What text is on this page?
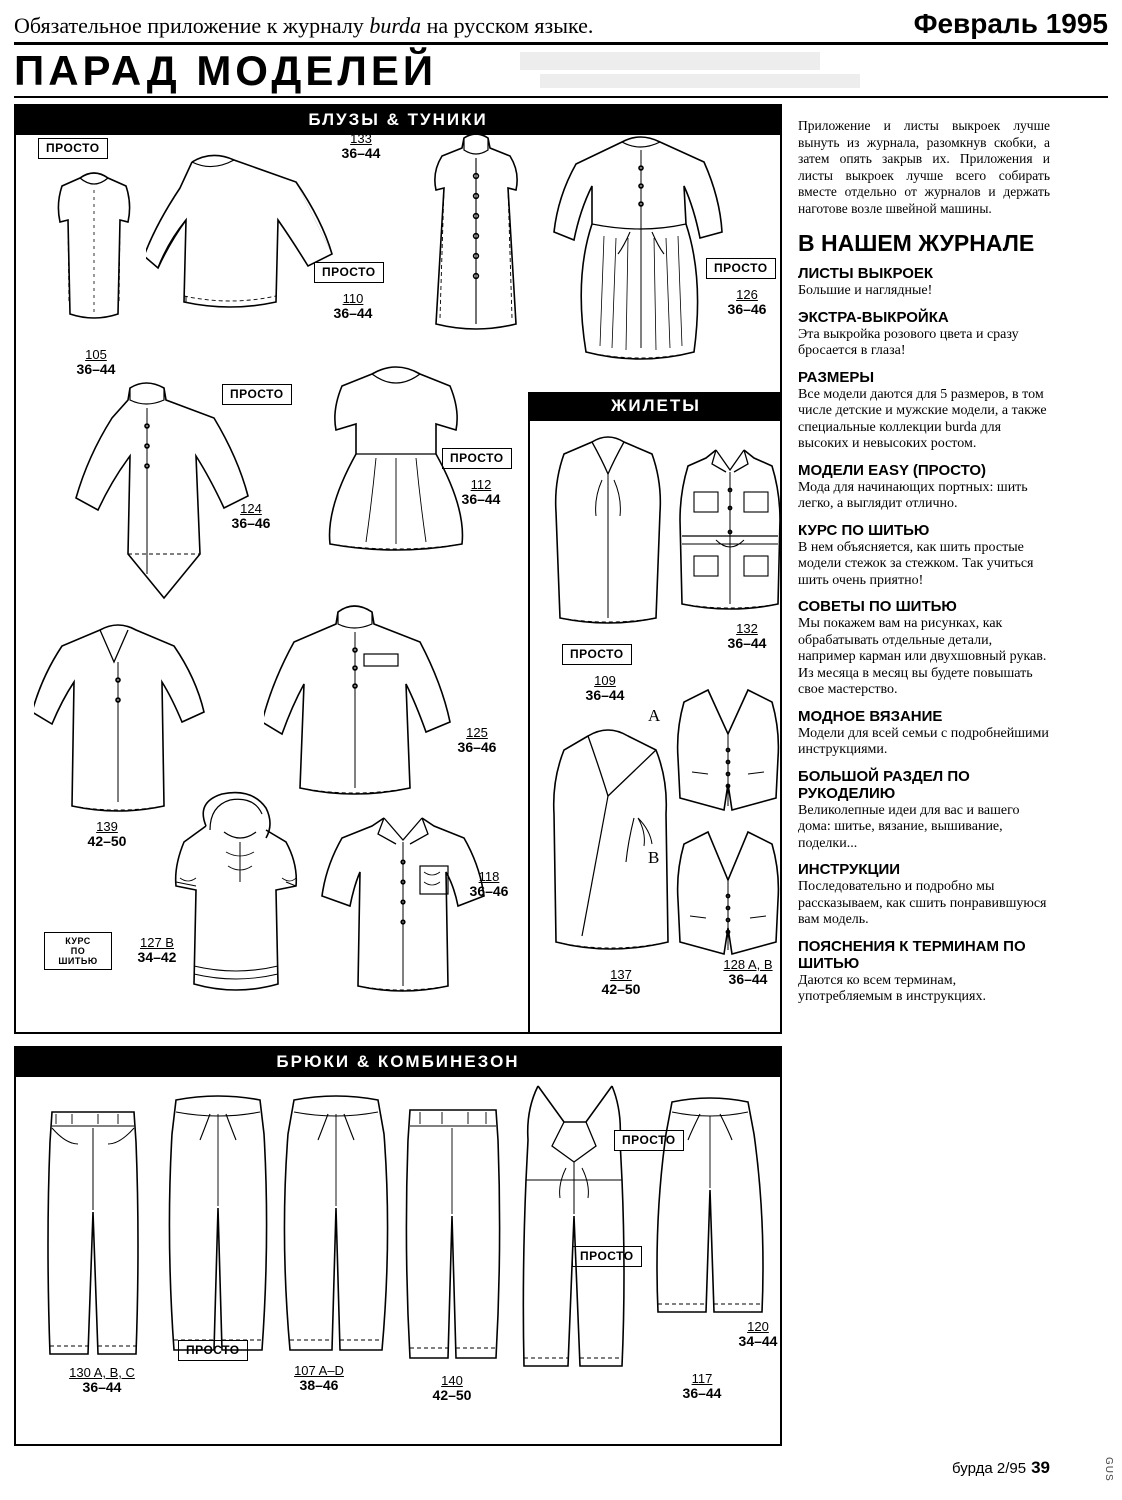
Обязательное приложение к журналу burda на русском языке.	Февраль 1995
ПАРАД МОДЕЛЕЙ
БЛУЗЫ & ТУНИКИ
ПРОСТО
105
36–44
133
36–44
ПРОСТО
110
36–44
ПРОСТО
126
36–46
ПРОСТО
124
36–46
ПРОСТО
112
36–44
139
42–50
125
36–46
118
36–46
КУРС
ПО
ШИТЬЮ
127 B
34–42
ЖИЛЕТЫ
ПРОСТО
109
36–44
132
36–44
137
42–50
A
B
128 A, B
36–44
БРЮКИ & КОМБИНЕЗОН
130 A, B, C
36–44
ПРОСТО
107 A–D
38–46	140
42–50
ПРОСТО
117
36–44
ПРОСТО
120
34–44

Приложение и листы выкроек лучше вынуть из журнала, разомкнув скобки, а затем опять закрыв их. Приложения и листы выкроек лучше всего собирать вместе отдельно от журналов и держать наготове возле швейной машины.

В НАШЕМ ЖУРНАЛЕ
ЛИСТЫ ВЫКРОЕК

Большие и наглядные!

ЭКСТРА-ВЫКРОЙКА

Эта выкройка розового цвета и сразу бросается в глаза!

РАЗМЕРЫ

Все модели даются для 5 размеров, в том числе детские и мужские модели, а также специальные коллекции burda для высоких и невысоких ростом.

МОДЕЛИ EASY (ПРОСТО)

Мода для начинающих портных: шить легко, а выглядит отлично.

КУРС ПО ШИТЬЮ

В нем объясняется, как шить простые модели стежок за стежком. Так учиться шить очень приятно!

СОВЕТЫ ПО ШИТЬЮ

Мы покажем вам на рисунках, как обрабатывать отдельные детали, например карман или двухшовный рукав. Из месяца в месяц вы будете повышать свое мастерство.

МОДНОЕ ВЯЗАНИЕ

Модели для всей семьи с подробнейшими инструкциями.

БОЛЬШОЙ РАЗДЕЛ ПО РУКОДЕЛИЮ

Великолепные идеи для вас и вашего дома: шитье, вязание, вышивание, поделки...

ИНСТРУКЦИИ

Последовательно и подробно мы рассказываем, как сшить понравившуюся вам модель.

ПОЯСНЕНИЯ К ТЕРМИНАМ ПО ШИТЬЮ

Даются ко всем терминам, употребляемым в инструкциях.

бурда 2/95 39	GUS
